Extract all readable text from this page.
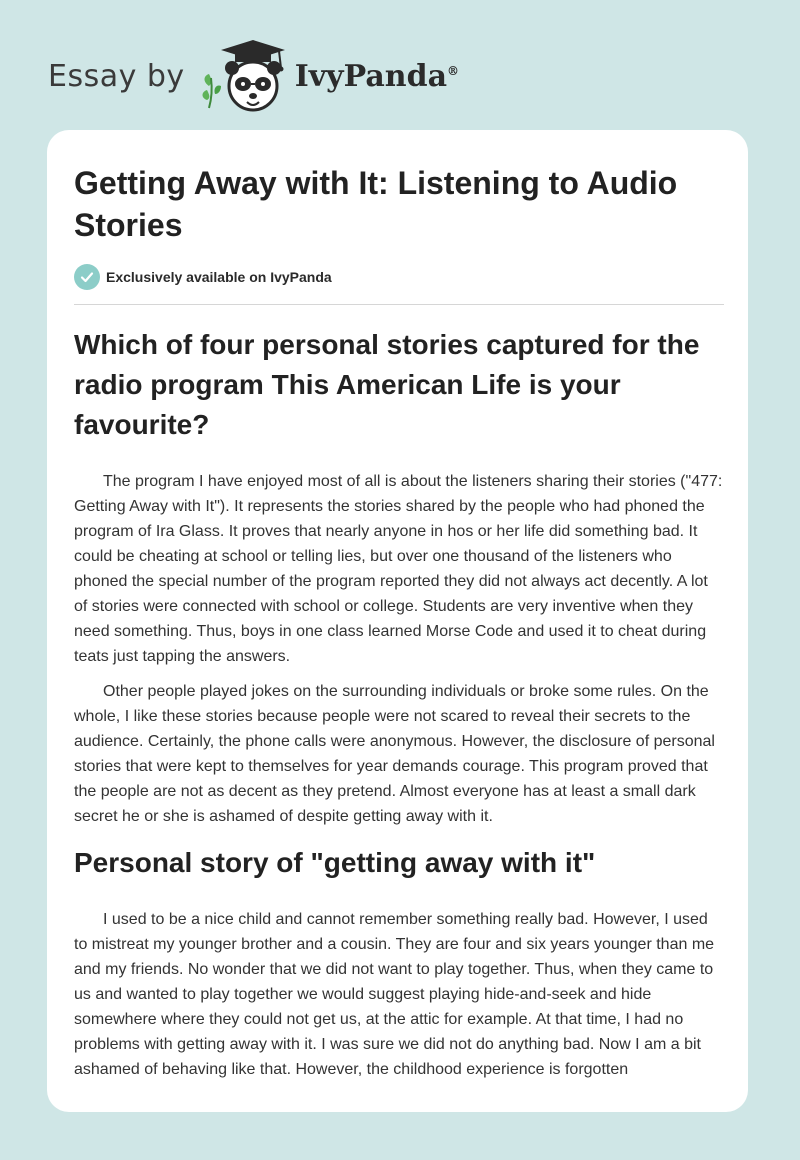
Essay by	IvyPanda®
Getting Away with It: Listening to Audio Stories
Exclusively available on IvyPanda
Which of four personal stories captured for the radio program This American Life is your favourite?

The program I have enjoyed most of all is about the listeners sharing their stories ("477: Getting Away with It"). It represents the stories shared by the people who had phoned the program of Ira Glass. It proves that nearly anyone in hos or her life did something bad. It could be cheating at school or telling lies, but over one thousand of the listeners who phoned the special number of the program reported they did not always act decently. A lot of stories were connected with school or college. Students are very inventive when they need something. Thus, boys in one class learned Morse Code and used it to cheat during teats just tapping the answers.

Other people played jokes on the surrounding individuals or broke some rules. On the whole, I like these stories because people were not scared to reveal their secrets to the audience. Certainly, the phone calls were anonymous. However, the disclosure of personal stories that were kept to themselves for year demands courage. This program proved that the people are not as decent as they pretend. Almost everyone has at least a small dark secret he or she is ashamed of despite getting away with it.

Personal story of "getting away with it"

I used to be a nice child and cannot remember something really bad. However, I used to mistreat my younger brother and a cousin. They are four and six years younger than me and my friends. No wonder that we did not want to play together. Thus, when they came to us and wanted to play together we would suggest playing hide-and-seek and hide somewhere where they could not get us, at the attic for example. At that time, I had no problems with getting away with it. I was sure we did not do anything bad. Now I am a bit ashamed of behaving like that. However, the childhood experience is forgotten
